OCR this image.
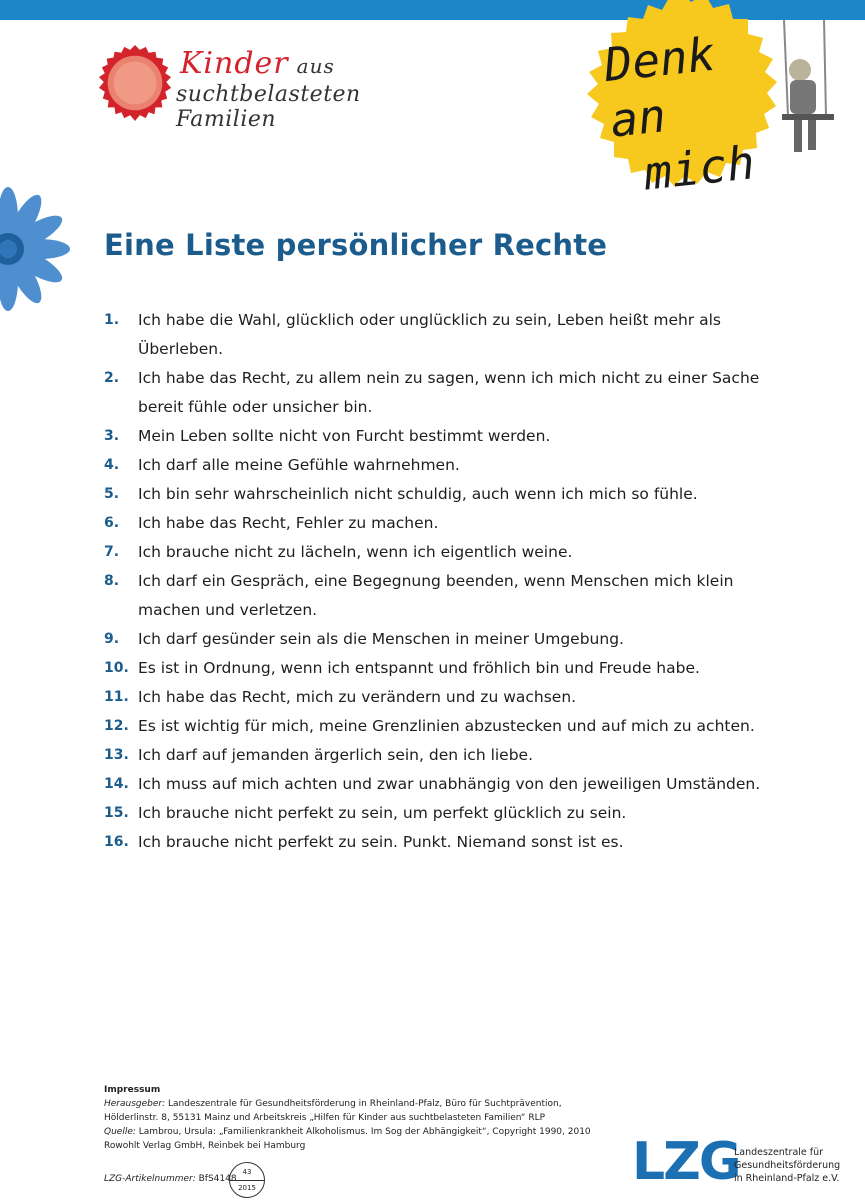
Kinder aus
suchtbelasteten Familien
Denk an
mich
Eine Liste persönlicher Rechte
1.	Ich habe die Wahl, glücklich oder unglücklich zu sein, Leben heißt mehr als Überleben.
2.	Ich habe das Recht, zu allem nein zu sagen, wenn ich mich nicht zu einer Sache bereit fühle oder unsicher bin.
3.	Mein Leben sollte nicht von Furcht bestimmt werden.
4.	Ich darf alle meine Gefühle wahrnehmen.
5.	Ich bin sehr wahrscheinlich nicht schuldig, auch wenn ich mich so fühle.
6.	Ich habe das Recht, Fehler zu machen.
7.	Ich brauche nicht zu lächeln, wenn ich eigentlich weine.
8.	Ich darf ein Gespräch, eine Begegnung beenden, wenn Menschen mich klein machen und verletzen.
9.	Ich darf gesünder sein als die Menschen in meiner Umgebung.
10. Es ist in Ordnung, wenn ich entspannt und fröhlich bin und Freude habe.
11. Ich habe das Recht, mich zu verändern und zu wachsen.
12. Es ist wichtig für mich, meine Grenzlinien abzustecken und auf mich zu achten.
13. Ich darf auf jemanden ärgerlich sein, den ich liebe.
14. Ich muss auf mich achten und zwar unabhängig von den jeweiligen Umständen.
15. Ich brauche nicht perfekt zu sein, um perfekt glücklich zu sein.
16. Ich brauche nicht perfekt zu sein. Punkt. Niemand sonst ist es.
Impressum
Herausgeber: Landeszentrale für Gesundheitsförderung in Rheinland-Pfalz, Büro für Suchtprävention,
Hölderlinstr. 8, 55131 Mainz und Arbeitskreis „Hilfen für Kinder aus suchtbelasteten Familien“ RLP
Quelle: Lambrou, Ursula: „Familienkrankheit Alkoholismus. Im Sog der Abhängigkeit“, Copyright 1990, 2010
Rowohlt Verlag GmbH, Reinbek bei Hamburg
LZG-Artikelnummer: BfS4148
43
2015	LZG
Landeszentrale für
Gesundheitsförderung
in Rheinland-Pfalz e.V.
